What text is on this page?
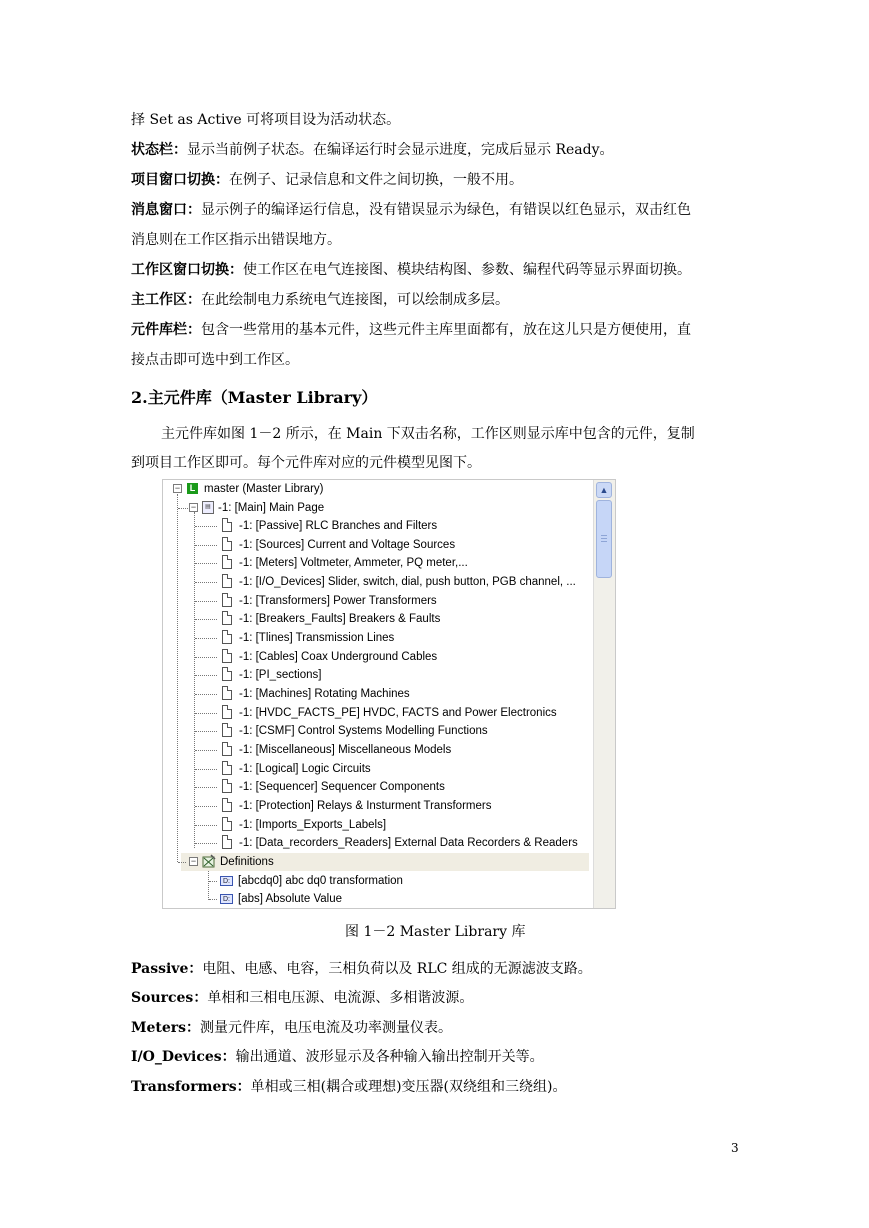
择 Set as Active 可将项目设为活动状态。
状态栏：显示当前例子状态。在编译运行时会显示进度，完成后显示 Ready。
项目窗口切换：在例子、记录信息和文件之间切换，一般不用。
消息窗口：显示例子的编译运行信息，没有错误显示为绿色，有错误以红色显示，双击红色
消息则在工作区指示出错误地方。
工作区窗口切换：使工作区在电气连接图、模块结构图、参数、编程代码等显示界面切换。
主工作区：在此绘制电力系统电气连接图，可以绘制成多层。
元件库栏：包含一些常用的基本元件，这些元件主库里面都有，放在这儿只是方便使用，直
接点击即可选中到工作区。
2.主元件库（Master Library）
主元件库如图 1－2 所示，在 Main 下双击名称，工作区则显示库中包含的元件，复制
到项目工作区即可。每个元件库对应的元件模型见图下。
−	L master (Master Library)
−	▤ -1: [Main] Main Page
-1: [Passive] RLC Branches and Filters
-1: [Sources] Current and Voltage Sources
-1: [Meters] Voltmeter, Ammeter, PQ meter,...
-1: [I/O_Devices] Slider, switch, dial, push button, PGB channel, ...
-1: [Transformers] Power Transformers
-1: [Breakers_Faults] Breakers & Faults
-1: [Tlines] Transmission Lines
-1: [Cables] Coax Underground Cables
-1: [PI_sections]
-1: [Machines] Rotating Machines
-1: [HVDC_FACTS_PE] HVDC, FACTS and Power Electronics
-1: [CSMF] Control Systems Modelling Functions
-1: [Miscellaneous] Miscellaneous Models
-1: [Logical] Logic Circuits
-1: [Sequencer] Sequencer Components
-1: [Protection] Relays & Insturment Transformers
-1: [Imports_Exports_Labels]
-1: [Data_recorders_Readers] External Data Recorders & Readers
− Definitions
D: [abcdq0] abc dq0 transformation
D: [abs] Absolute Value
▲
图 1－2 Master Library 库
Passive：电阻、电感、电容，三相负荷以及 RLC 组成的无源滤波支路。
Sources：单相和三相电压源、电流源、多相谐波源。
Meters：测量元件库，电压电流及功率测量仪表。
I/O_Devices：输出通道、波形显示及各种输入输出控制开关等。
Transformers：单相或三相(耦合或理想)变压器(双绕组和三绕组)。
3
